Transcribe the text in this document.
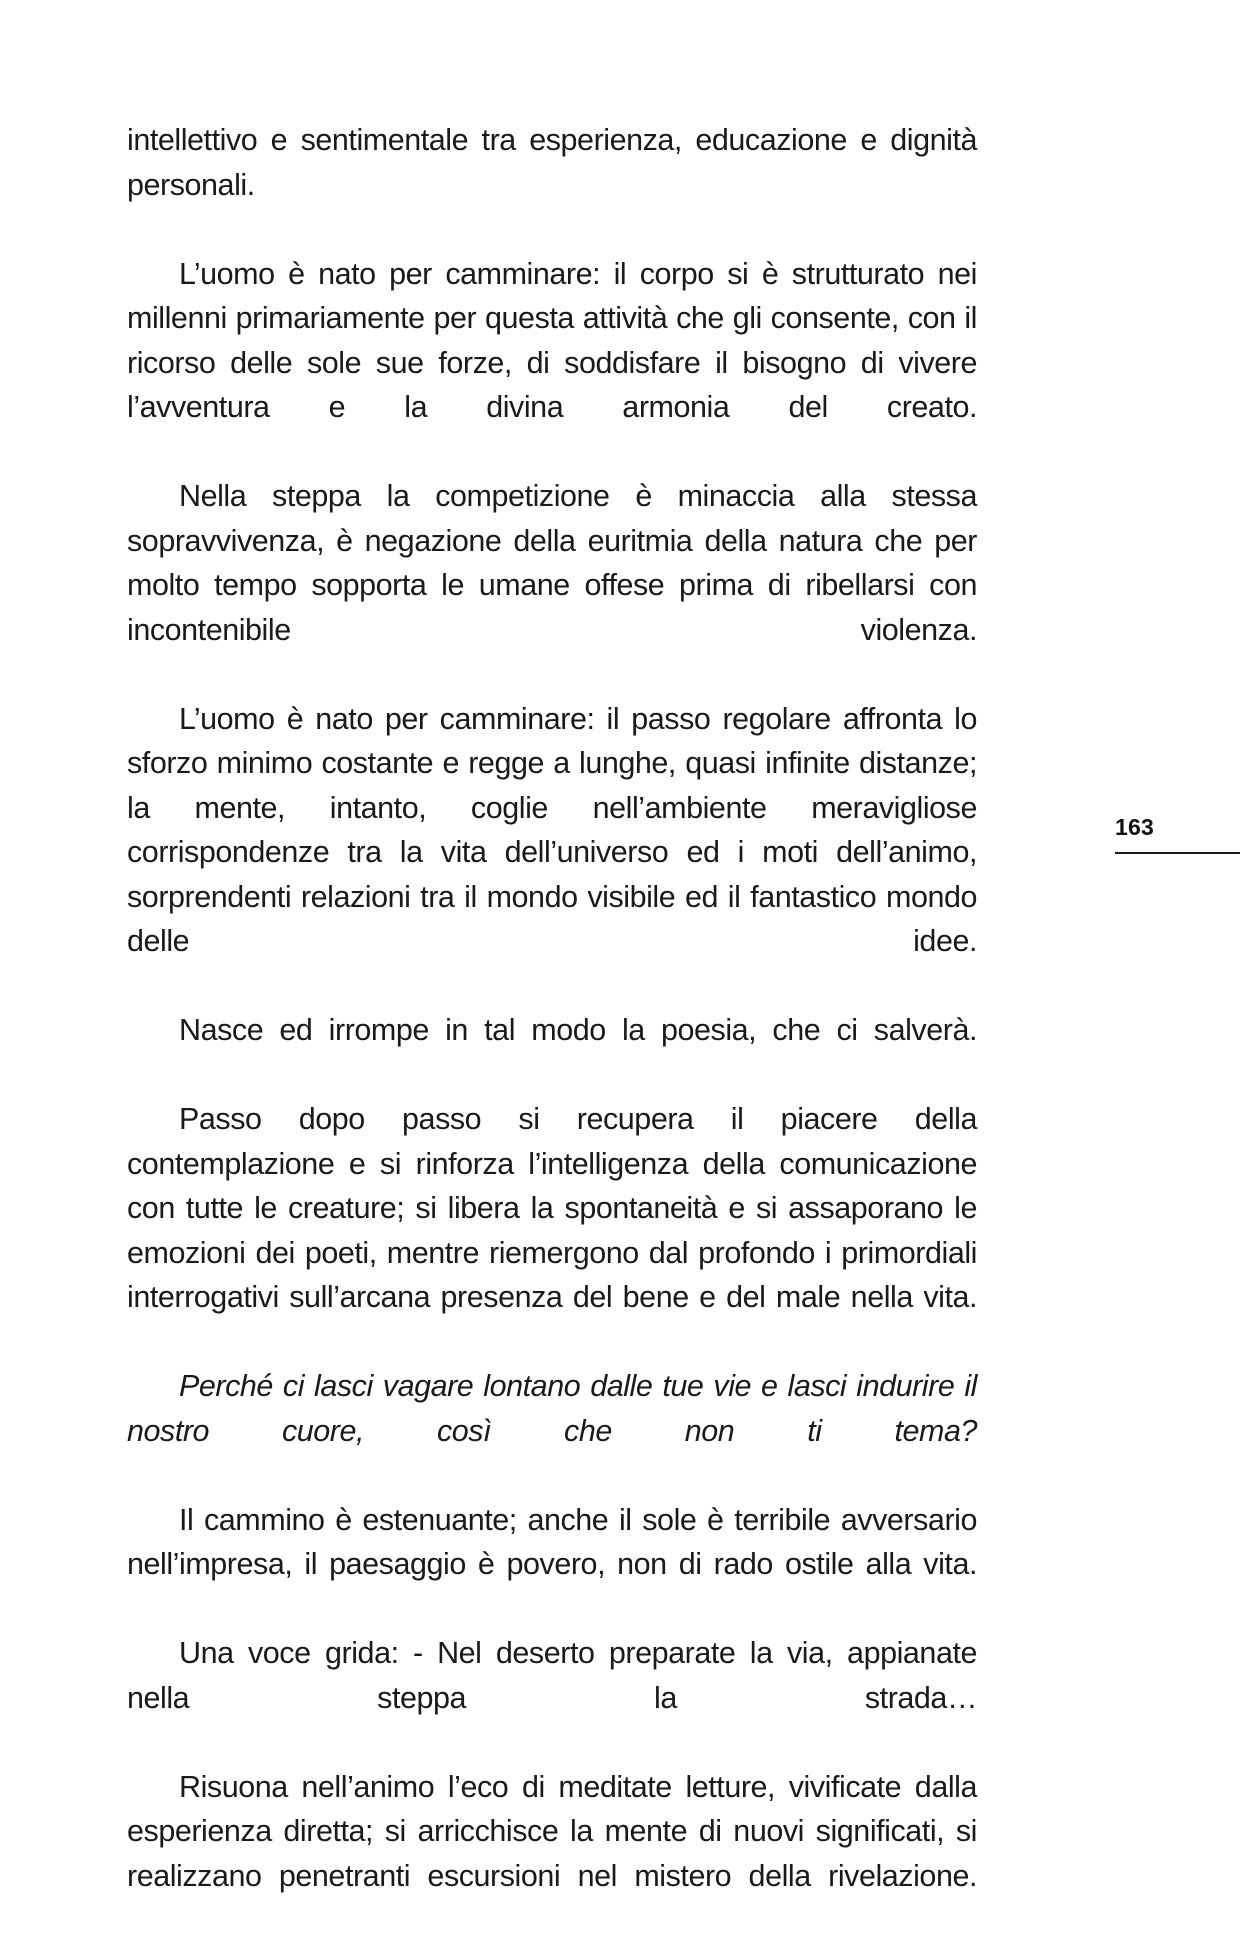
intellettivo e sentimentale tra esperienza, educazione e dignità personali.

L’uomo è nato per camminare: il corpo si è strutturato nei millenni primariamente per questa attività che gli consente, con il ricorso delle sole sue forze, di soddisfare il bisogno di vivere l’avventura e la divina armonia del creato.

Nella steppa la competizione è minaccia alla stessa sopravvivenza, è negazione della euritmia della natura che per molto tempo sopporta le umane offese prima di ribellarsi con incontenibile violenza.

L’uomo è nato per camminare: il passo regolare affronta lo sforzo minimo costante e regge a lunghe, quasi infinite distanze; la mente, intanto, coglie nell’ambiente meravigliose corrispondenze tra la vita dell’universo ed i moti dell’animo, sorprendenti relazioni tra il mondo visibile ed il fantastico mondo delle idee.

Nasce ed irrompe in tal modo la poesia, che ci salverà.

Passo dopo passo si recupera il piacere della contemplazione e si rinforza l’intelligenza della comunicazione con tutte le creature; si libera la spontaneità e si assaporano le emozioni dei poeti, mentre riemergono dal profondo i primordiali interrogativi sull’arcana presenza del bene e del male nella vita.

Perché ci lasci vagare lontano dalle tue vie e lasci indurire il nostro cuore, così che non ti tema?

Il cammino è estenuante; anche il sole è terribile avversario nell’impresa, il paesaggio è povero, non di rado ostile alla vita.

Una voce grida: - Nel deserto preparate la via, appianate nella steppa la strada…

Risuona nell’animo l’eco di meditate letture, vivificate dalla esperienza diretta; si arricchisce la mente di nuovi significati, si realizzano penetranti escursioni nel mistero della rivelazione.

163
